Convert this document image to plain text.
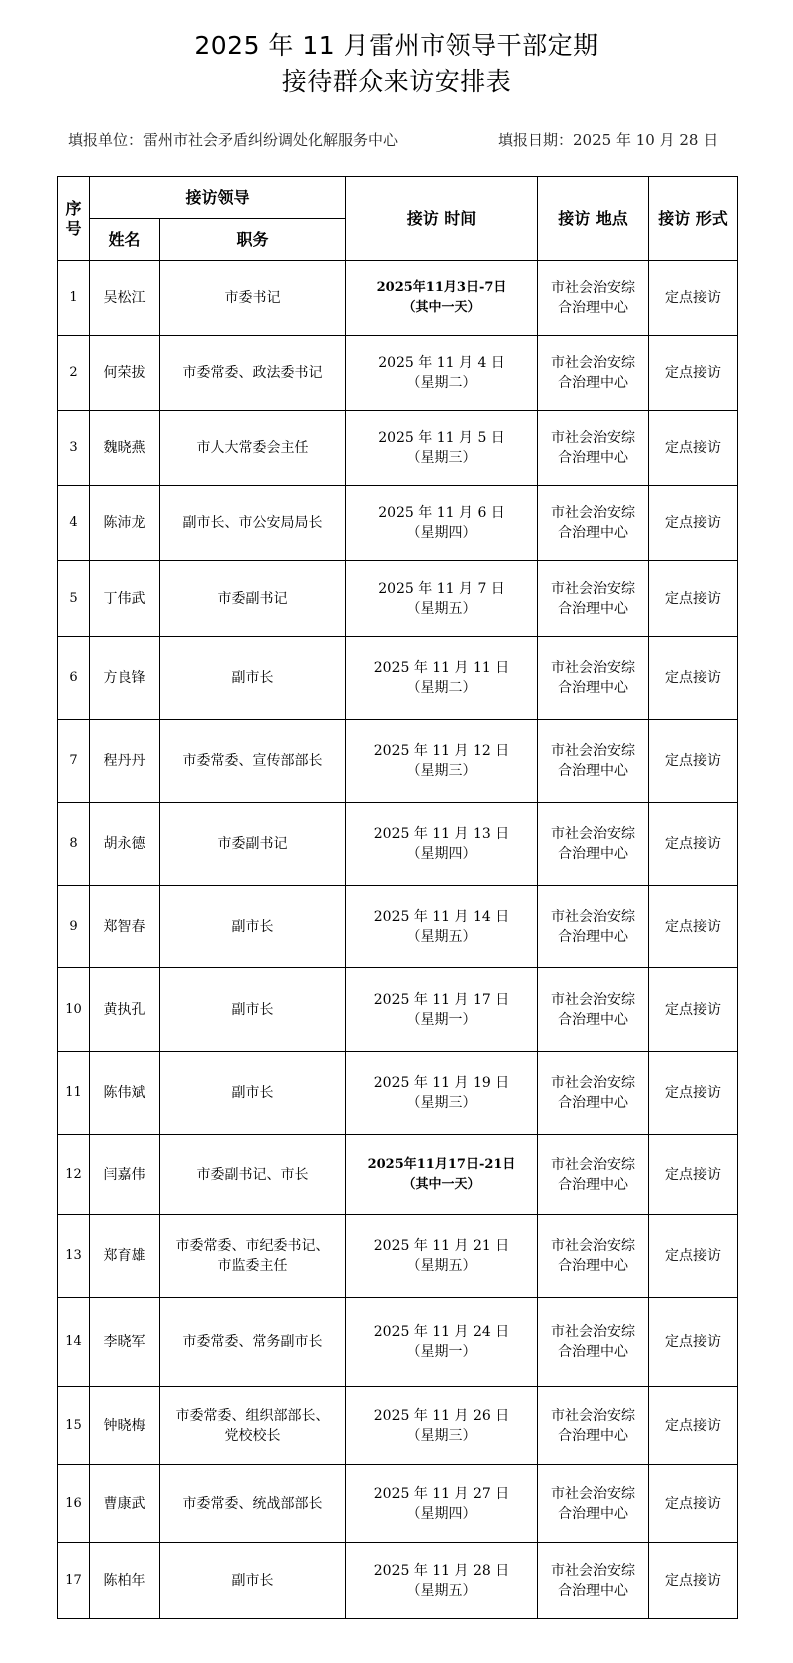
2025 年 11 月雷州市领导干部定期
接待群众来访安排表
填报单位：雷州市社会矛盾纠纷调处化解服务中心	填报日期：2025 年 10 月 28 日
序 号	接访领导		接访 时间	接访 地点	接访 形式
	姓名	职务			
1	吴松江	市委书记	2025年11月3日-7日
（其中一天）	市社会治安综
合治理中心	定点接访
2	何荣拔	市委常委、政法委书记	2025 年 11 月 4 日
（星期二）	市社会治安综
合治理中心	定点接访
3	魏晓燕	市人大常委会主任	2025 年 11 月 5 日
（星期三）	市社会治安综
合治理中心	定点接访
4	陈沛龙	副市长、市公安局局长	2025 年 11 月 6 日
（星期四）	市社会治安综
合治理中心	定点接访
5	丁伟武	市委副书记	2025 年 11 月 7 日
（星期五）	市社会治安综
合治理中心	定点接访
6	方良锋	副市长	2025 年 11 月 11 日
（星期二）	市社会治安综
合治理中心	定点接访
7	程丹丹	市委常委、宣传部部长	2025 年 11 月 12 日
（星期三）	市社会治安综
合治理中心	定点接访
8	胡永德	市委副书记	2025 年 11 月 13 日
（星期四）	市社会治安综
合治理中心	定点接访
9	郑智春	副市长	2025 年 11 月 14 日
（星期五）	市社会治安综
合治理中心	定点接访
10	黄执孔	副市长	2025 年 11 月 17 日
（星期一）	市社会治安综
合治理中心	定点接访
11	陈伟斌	副市长	2025 年 11 月 19 日
（星期三）	市社会治安综
合治理中心	定点接访
12	闫嘉伟	市委副书记、市长	2025年11月17日-21日
（其中一天）	市社会治安综
合治理中心	定点接访
13	郑育雄	市委常委、市纪委书记、
市监委主任	2025 年 11 月 21 日
（星期五）	市社会治安综
合治理中心	定点接访
14	李晓军	市委常委、常务副市长	2025 年 11 月 24 日
（星期一）	市社会治安综
合治理中心	定点接访
15	钟晓梅	市委常委、组织部部长、
党校校长	2025 年 11 月 26 日
（星期三）	市社会治安综
合治理中心	定点接访
16	曹康武	市委常委、统战部部长	2025 年 11 月 27 日
（星期四）	市社会治安综
合治理中心	定点接访
17	陈柏年	副市长	2025 年 11 月 28 日
（星期五）	市社会治安综
合治理中心	定点接访
